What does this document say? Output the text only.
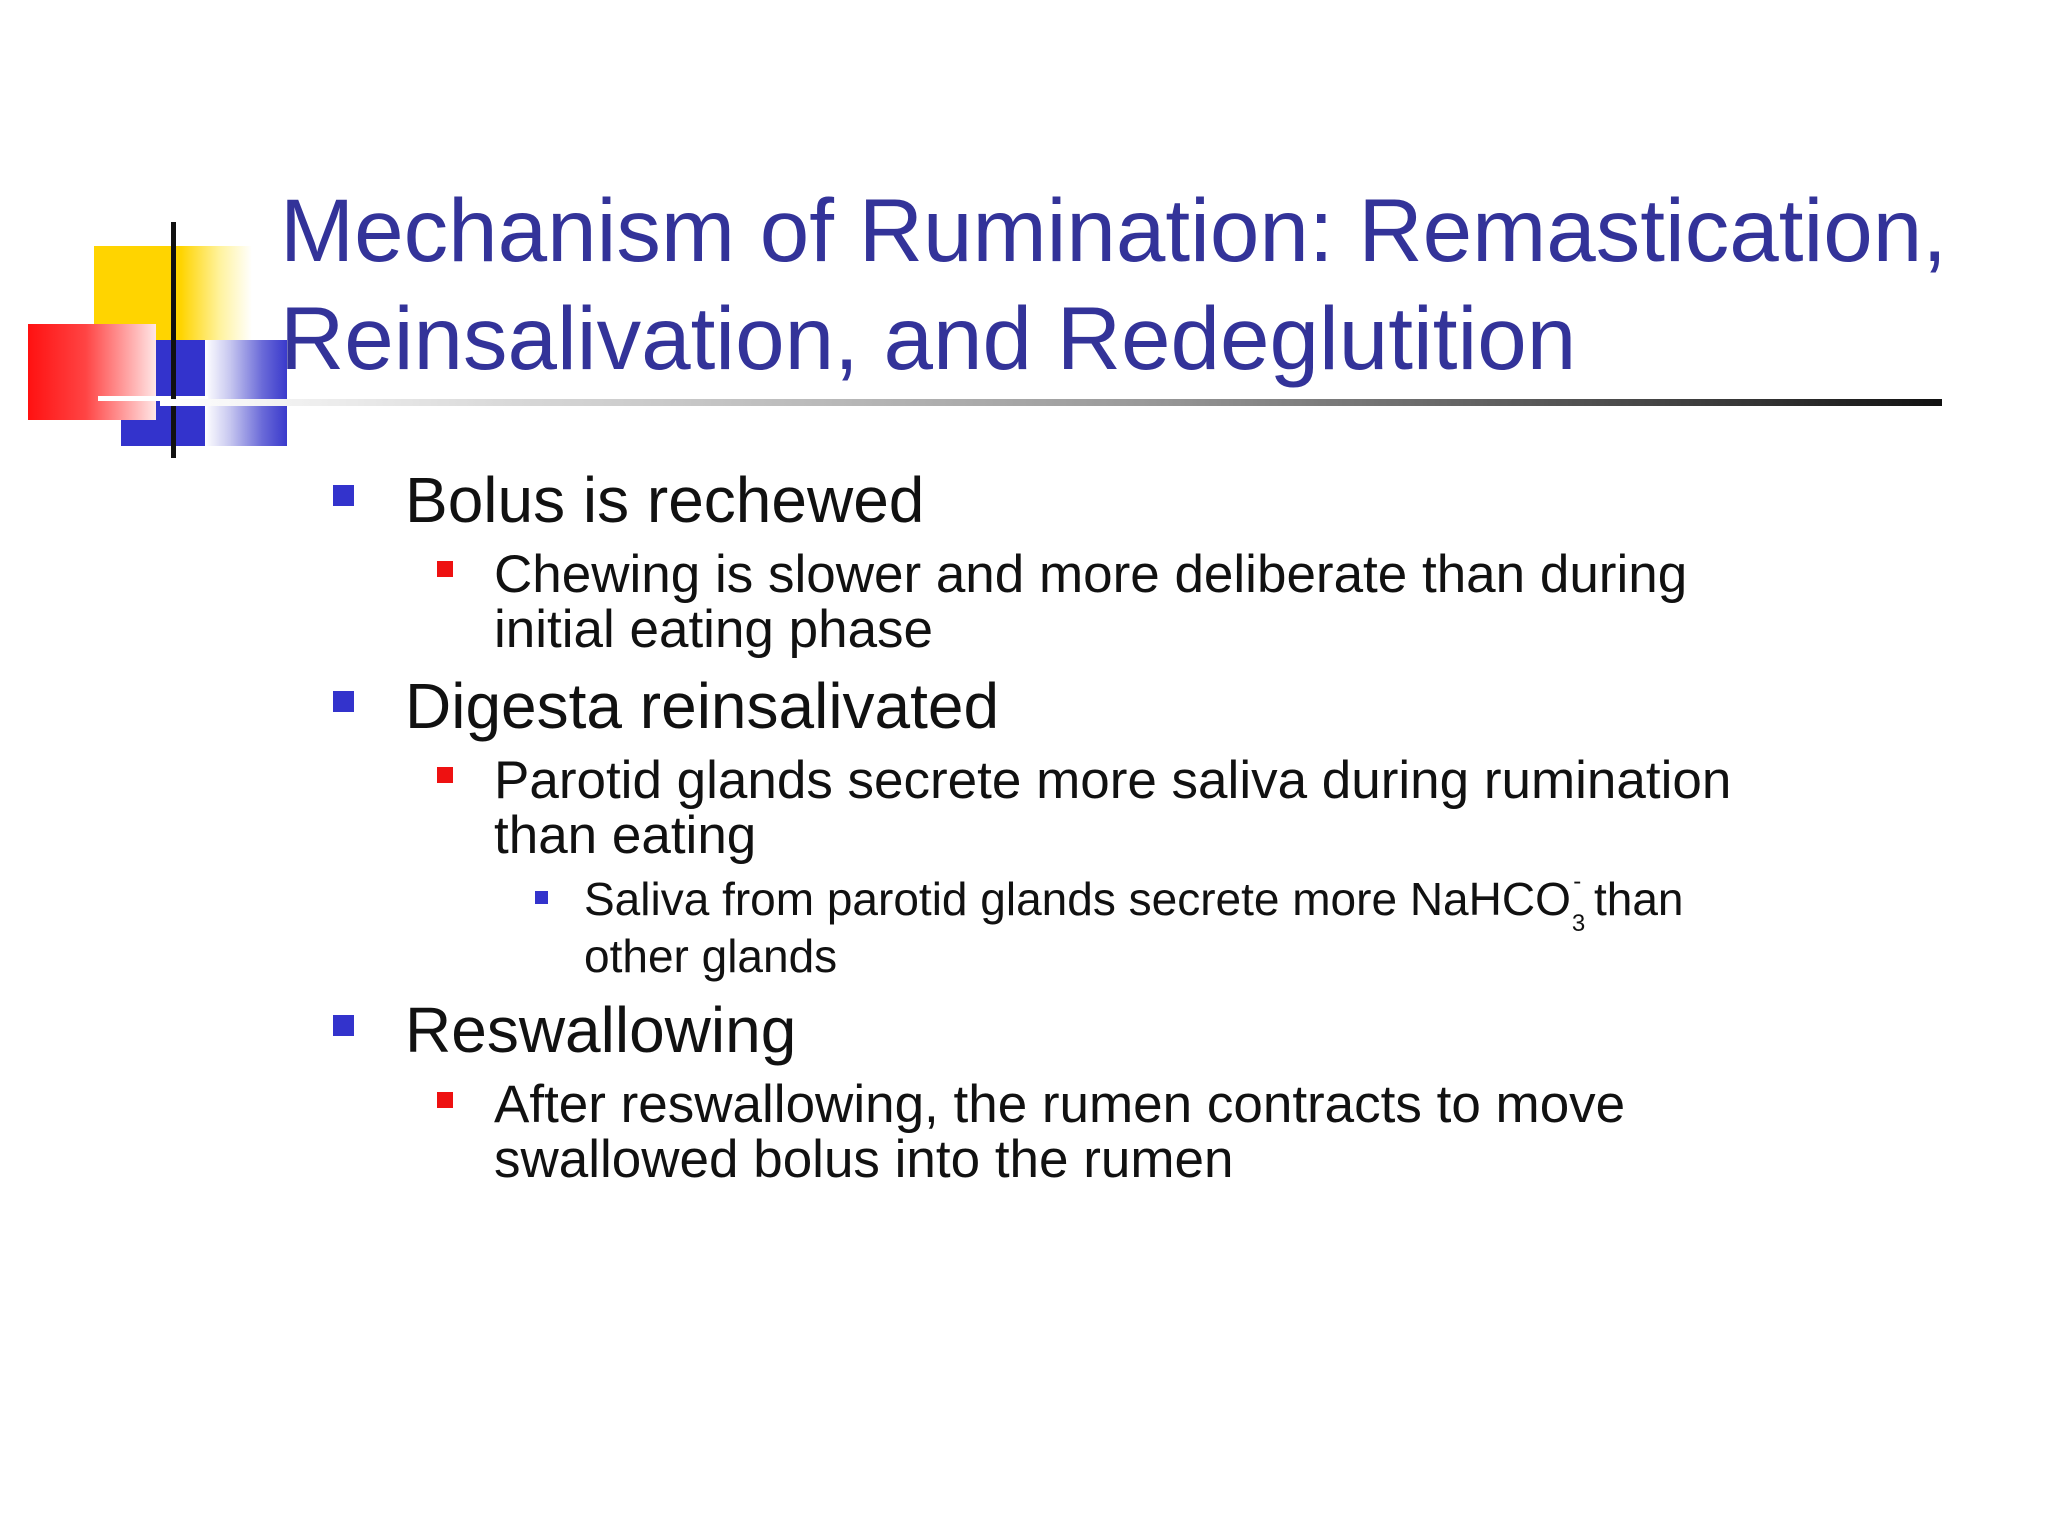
Mechanism of Rumination: Remastication,
Reinsalivation, and Redeglutition

Bolus is rechewed

Chewing is slower and more deliberate than during

initial eating phase

Digesta reinsalivated

Parotid glands secrete more saliva during rumination

than eating

Saliva from parotid glands secrete more NaHCO$_3$- than

other glands

Reswallowing

After reswallowing, the rumen contracts to move

swallowed bolus into the rumen
